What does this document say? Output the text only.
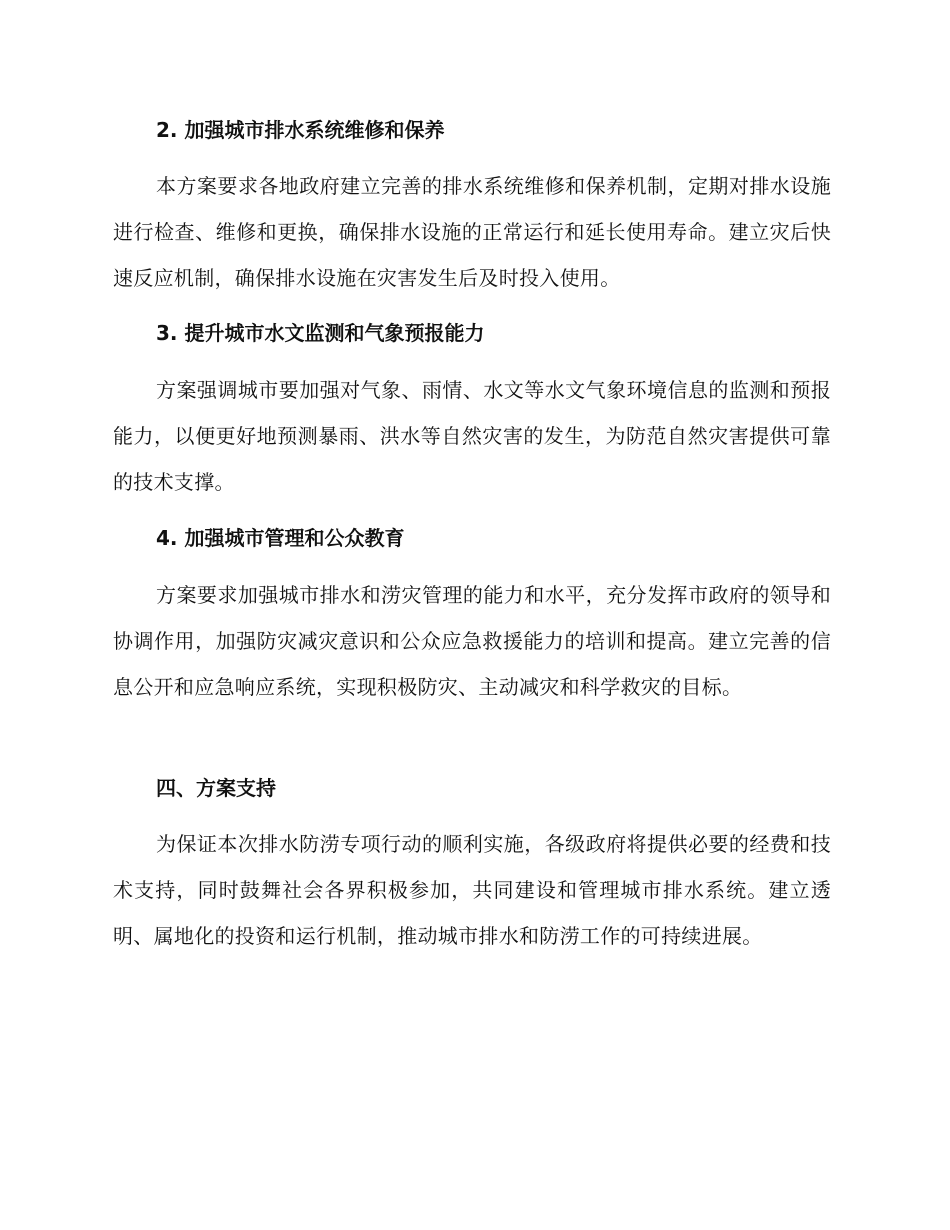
2. 加强城市排水系统维修和保养
本方案要求各地政府建立完善的排水系统维修和保养机制，定期对排水设施进行检查、维修和更换，确保排水设施的正常运行和延长使用寿命。建立灾后快速反应机制，确保排水设施在灾害发生后及时投入使用。
3. 提升城市水文监测和气象预报能力
方案强调城市要加强对气象、雨情、水文等水文气象环境信息的监测和预报能力，以便更好地预测暴雨、洪水等自然灾害的发生，为防范自然灾害提供可靠的技术支撑。
4. 加强城市管理和公众教育
方案要求加强城市排水和涝灾管理的能力和水平，充分发挥市政府的领导和协调作用，加强防灾减灾意识和公众应急救援能力的培训和提高。建立完善的信息公开和应急响应系统，实现积极防灾、主动减灾和科学救灾的目标。
四、方案支持
为保证本次排水防涝专项行动的顺利实施，各级政府将提供必要的经费和技术支持，同时鼓舞社会各界积极参加，共同建设和管理城市排水系统。建立透明、属地化的投资和运行机制，推动城市排水和防涝工作的可持续进展。
